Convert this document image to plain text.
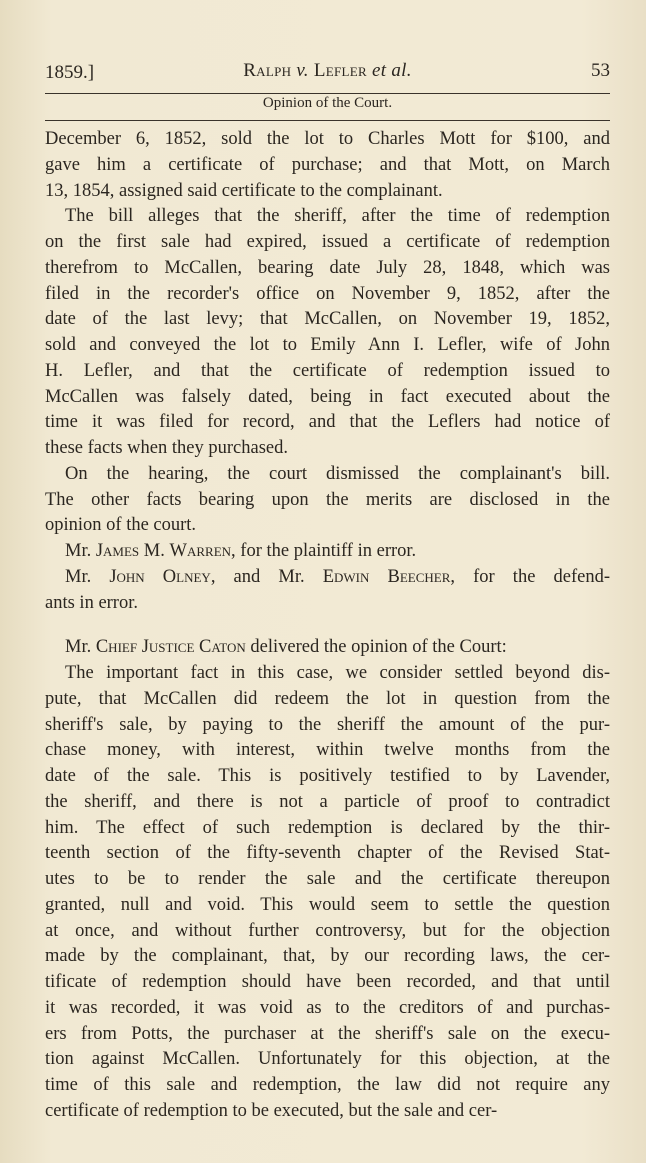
1859.]	Ralph v. Lefler et al.	53
Opinion of the Court.
December 6, 1852, sold the lot to Charles Mott for $100, and
gave him a certificate of purchase; and that Mott, on March
13, 1854, assigned said certificate to the complainant.
The bill alleges that the sheriff, after the time of redemption
on the first sale had expired, issued a certificate of redemption
therefrom to McCallen, bearing date July 28, 1848, which was
filed in the recorder's office on November 9, 1852, after the
date of the last levy; that McCallen, on November 19, 1852,
sold and conveyed the lot to Emily Ann I. Lefler, wife of John
H. Lefler, and that the certificate of redemption issued to
McCallen was falsely dated, being in fact executed about the
time it was filed for record, and that the Leflers had notice of
these facts when they purchased.
On the hearing, the court dismissed the complainant's bill.
The other facts bearing upon the merits are disclosed in the
opinion of the court.
Mr. James M. Warren, for the plaintiff in error.
Mr. John Olney, and Mr. Edwin Beecher, for the defend-
ants in error.
Mr. Chief Justice Caton delivered the opinion of the Court:
The important fact in this case, we consider settled beyond dis-
pute, that McCallen did redeem the lot in question from the
sheriff's sale, by paying to the sheriff the amount of the pur-
chase money, with interest, within twelve months from the
date of the sale. This is positively testified to by Lavender,
the sheriff, and there is not a particle of proof to contradict
him. The effect of such redemption is declared by the thir-
teenth section of the fifty-seventh chapter of the Revised Stat-
utes to be to render the sale and the certificate thereupon
granted, null and void. This would seem to settle the question
at once, and without further controversy, but for the objection
made by the complainant, that, by our recording laws, the cer-
tificate of redemption should have been recorded, and that until
it was recorded, it was void as to the creditors of and purchas-
ers from Potts, the purchaser at the sheriff's sale on the execu-
tion against McCallen. Unfortunately for this objection, at the
time of this sale and redemption, the law did not require any
certificate of redemption to be executed, but the sale and cer-
